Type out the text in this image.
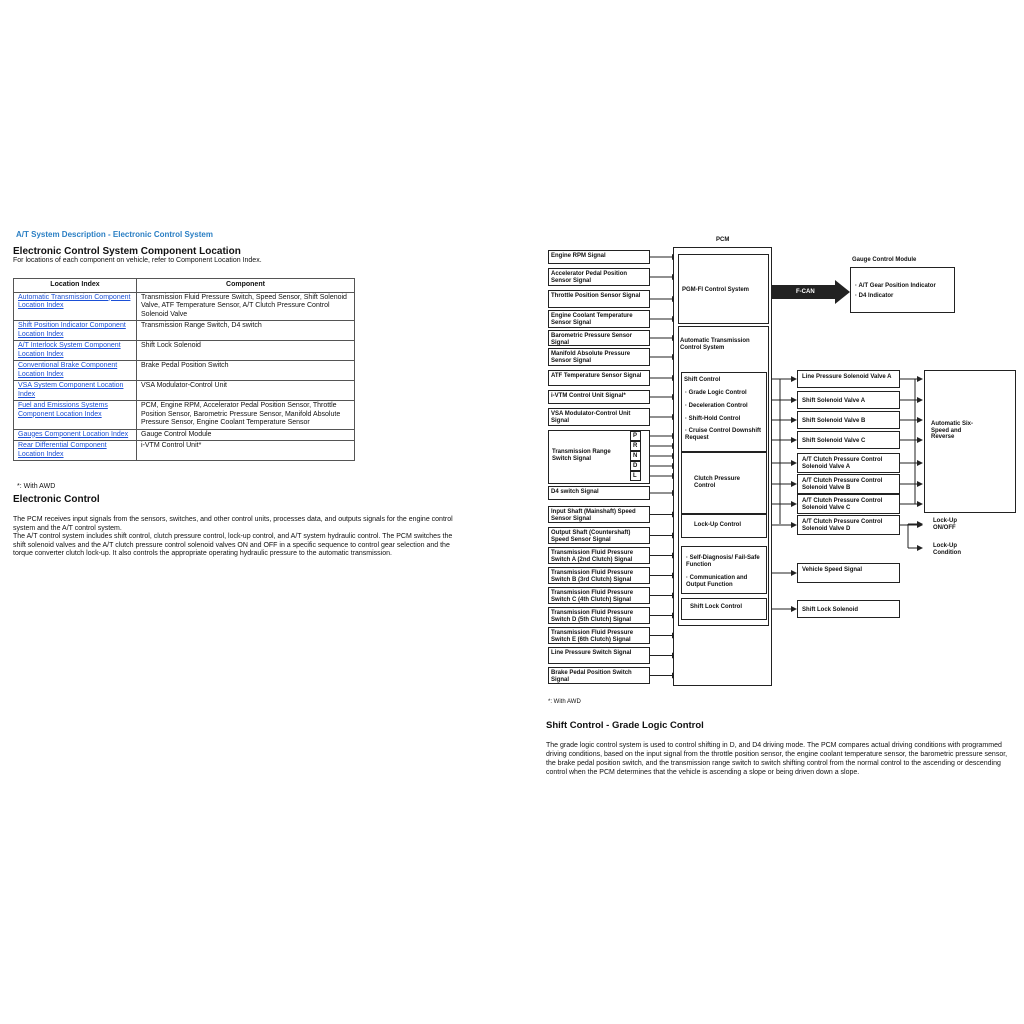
A/T System Description - Electronic Control System
Electronic Control System Component Location
For locations of each component on vehicle, refer to Component Location Index.
Location Index	Component
Automatic Transmission Component Location Index	Transmission Fluid Pressure Switch, Speed Sensor, Shift Solenoid Valve, ATF Temperature Sensor, A/T Clutch Pressure Control Solenoid Valve
Shift Position Indicator Component Location Index	Transmission Range Switch, D4 switch
A/T Interlock System Component Location Index	Shift Lock Solenoid
Conventional Brake Component Location Index	Brake Pedal Position Switch
VSA System Component Location Index	VSA Modulator-Control Unit
Fuel and Emissions Systems Component Location Index	PCM, Engine RPM, Accelerator Pedal Position Sensor, Throttle Position Sensor, Barometric Pressure Sensor, Manifold Absolute Pressure Sensor, Engine Coolant Temperature Sensor
Gauges Component Location Index	Gauge Control Module
Rear Differential Component Location Index	i-VTM Control Unit*
*: With AWD
Electronic Control

The PCM receives input signals from the sensors, switches, and other control units, processes data, and outputs signals for the engine control system and the A/T control system.

The A/T control system includes shift control, clutch pressure control, lock-up control, and A/T system hydraulic control. The PCM switches the shift solenoid valves and the A/T clutch pressure control solenoid valves ON and OFF in a specific sequence to control gear selection and the torque converter clutch lock-up. It also controls the appropriate operating hydraulic pressure to the automatic transmission.

PCM
PGM-FI Control System	F-CAN
Gauge Control Module
· A/T Gear Position Indicator
· D4 Indicator
Automatic Transmission Control System
Shift Control
· Grade Logic Control
· Deceleration Control
· Shift-Hold Control
· Cruise Control Downshift Request
Clutch Pressure Control
Lock-Up Control
· Self-Diagnosis/ Fail-Safe Function
· Communication and Output Function
Shift Lock Control
Engine RPM Signal
Accelerator Pedal Position Sensor Signal
Throttle Position Sensor Signal
Engine Coolant Temperature Sensor Signal
Barometric Pressure Sensor Signal
Manifold Absolute Pressure Sensor Signal
ATF Temperature Sensor Signal
i-VTM Control Unit Signal*
VSA Modulator-Control Unit Signal
Transmission Range Switch Signal
D4 switch Signal
Input Shaft (Mainshaft) Speed Sensor Signal
Output Shaft (Countershaft) Speed Sensor Signal
Transmission Fluid Pressure Switch A (2nd Clutch) Signal
Transmission Fluid Pressure Switch B (3rd Clutch) Signal
Transmission Fluid Pressure Switch C (4th Clutch) Signal
Transmission Fluid Pressure Switch D (5th Clutch) Signal
Transmission Fluid Pressure Switch E (6th Clutch) Signal
Line Pressure Switch Signal
Brake Pedal Position Switch Signal
P
R
N
D
L
Line Pressure Solenoid Valve A
Shift Solenoid Valve A
Shift Solenoid Valve B
Shift Solenoid Valve C
A/T Clutch Pressure Control Solenoid Valve A
A/T Clutch Pressure Control Solenoid Valve B
A/T Clutch Pressure Control Solenoid Valve C
A/T Clutch Pressure Control Solenoid Valve D
Vehicle Speed Signal
Shift Lock Solenoid
Automatic Six-Speed and Reverse
Lock-Up ON/OFF
Lock-Up Condition
*: With AWD
Shift Control - Grade Logic Control
The grade logic control system is used to control shifting in D, and D4 driving mode. The PCM compares actual driving conditions with programmed driving conditions, based on the input signal from the throttle position sensor, the engine coolant temperature sensor, the barometric pressure sensor, the brake pedal position switch, and the transmission range switch to switch shifting control from the normal control to the ascending or descending control when the PCM determines that the vehicle is ascending a slope or being driven down a slope.
